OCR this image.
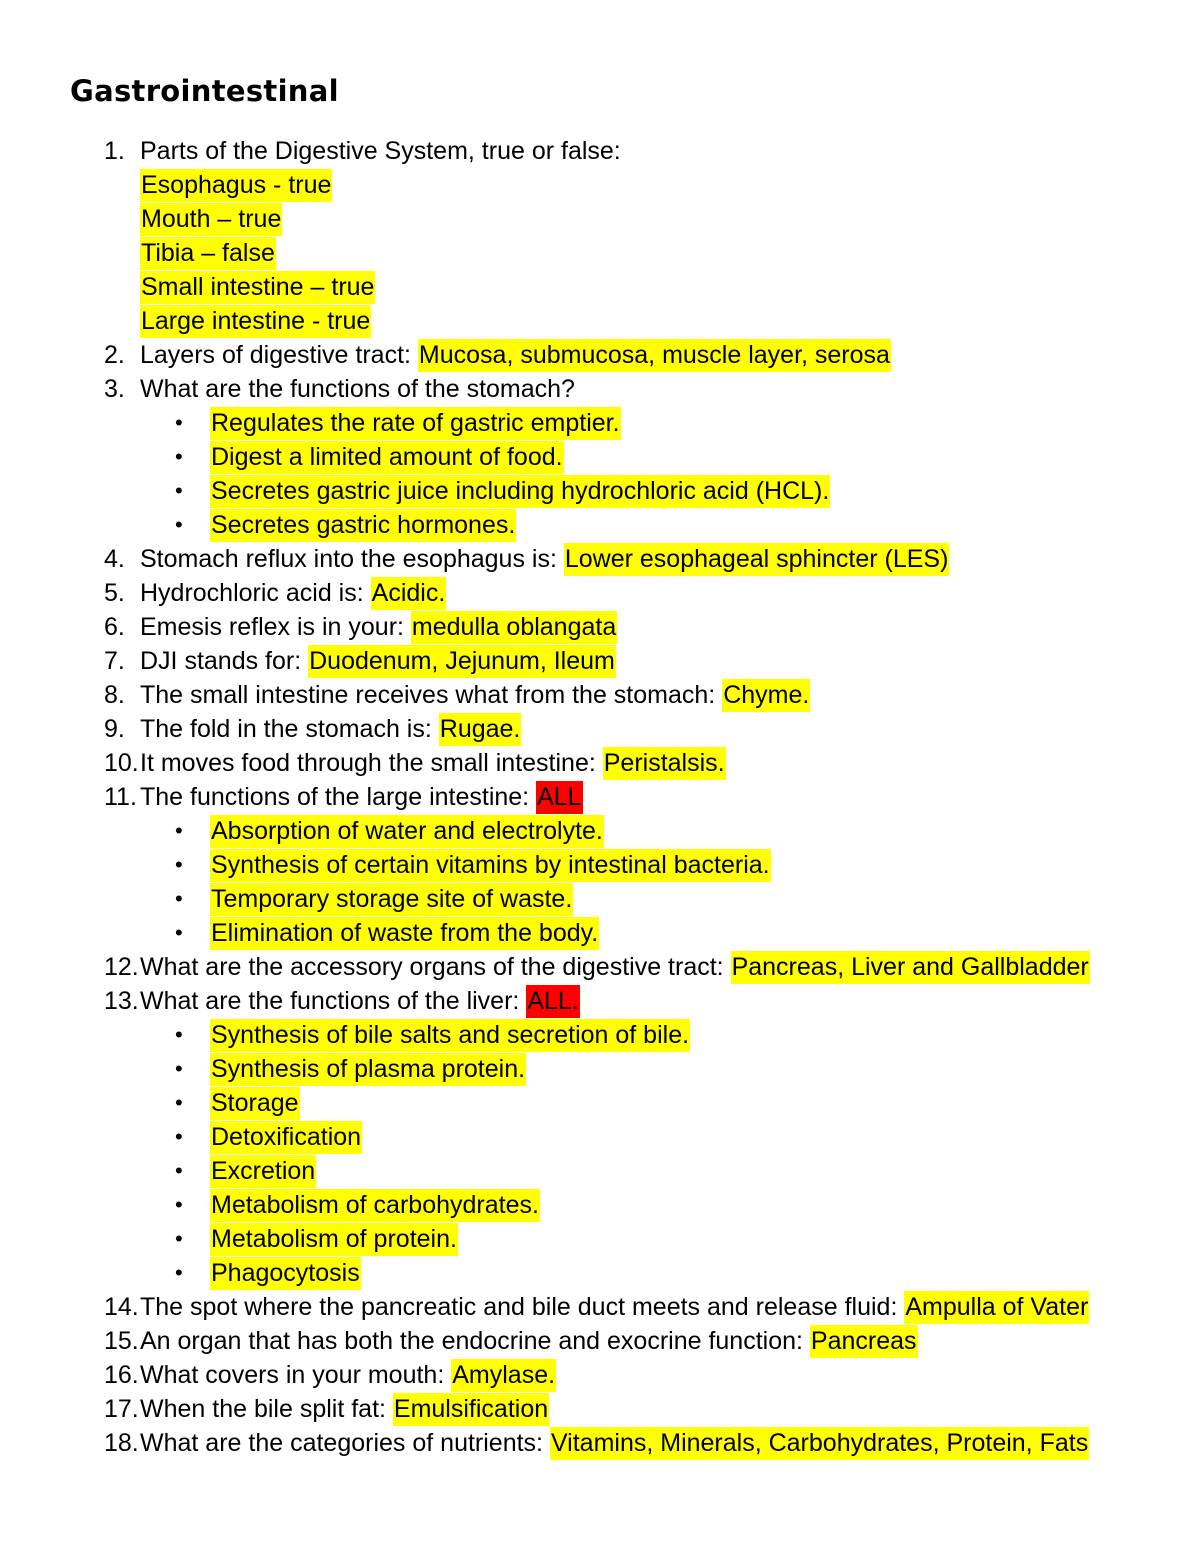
Gastrointestinal
1. Parts of the Digestive System, true or false:
Esophagus - true
Mouth – true
Tibia – false
Small intestine – true
Large intestine - true
2. Layers of digestive tract: Mucosa, submucosa, muscle layer, serosa
3. What are the functions of the stomach?
• Regulates the rate of gastric emptier.
• Digest a limited amount of food.
• Secretes gastric juice including hydrochloric acid (HCL).
• Secretes gastric hormones.
4. Stomach reflux into the esophagus is: Lower esophageal sphincter (LES)
5. Hydrochloric acid is: Acidic.
6. Emesis reflex is in your: medulla oblangata
7. DJI stands for: Duodenum, Jejunum, Ileum
8. The small intestine receives what from the stomach: Chyme.
9. The fold in the stomach is: Rugae.
10. It moves food through the small intestine: Peristalsis.
11. The functions of the large intestine: ALL
• Absorption of water and electrolyte.
• Synthesis of certain vitamins by intestinal bacteria.
• Temporary storage site of waste.
• Elimination of waste from the body.
12. What are the accessory organs of the digestive tract: Pancreas, Liver and Gallbladder
13. What are the functions of the liver: ALL.
• Synthesis of bile salts and secretion of bile.
• Synthesis of plasma protein.
• Storage
• Detoxification
• Excretion
• Metabolism of carbohydrates.
• Metabolism of protein.
• Phagocytosis
14. The spot where the pancreatic and bile duct meets and release fluid: Ampulla of Vater
15. An organ that has both the endocrine and exocrine function: Pancreas
16. What covers in your mouth: Amylase.
17. When the bile split fat: Emulsification
18. What are the categories of nutrients: Vitamins, Minerals, Carbohydrates, Protein, Fats
